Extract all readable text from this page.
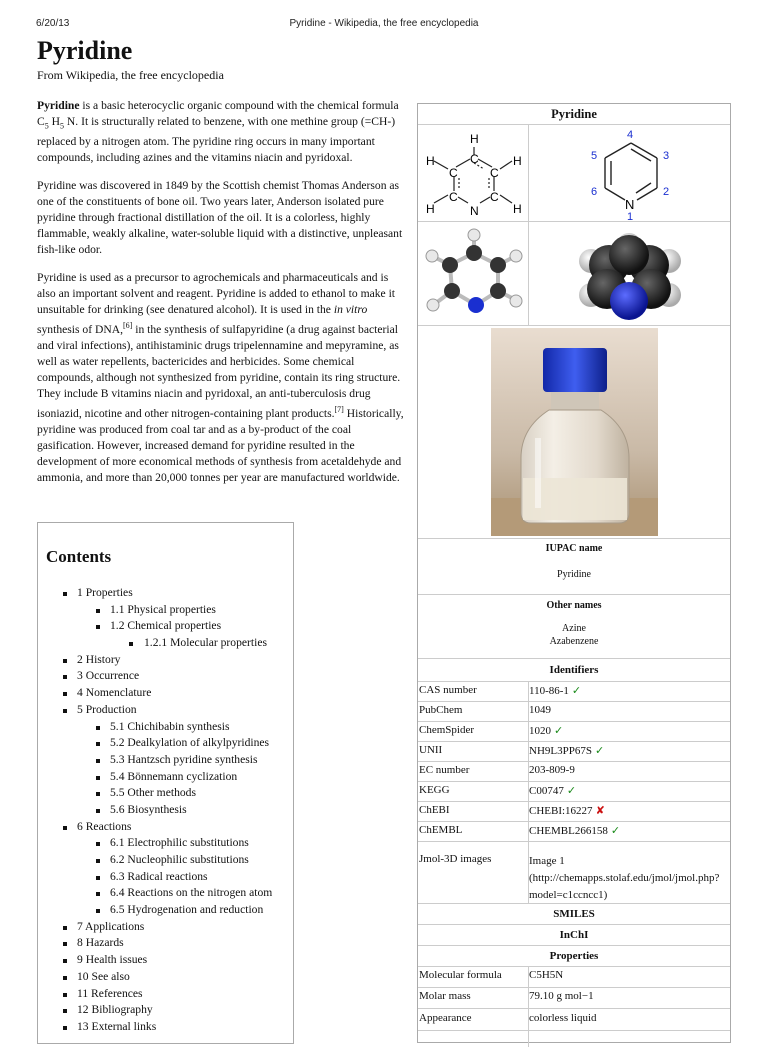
6/20/13	Pyridine - Wikipedia, the free encyclopedia
Pyridine
From Wikipedia, the free encyclopedia

Pyridine is a basic heterocyclic organic compound with the chemical formula $C_5$ $H_5$ N. It is structurally related to benzene, with one methine group (=CH-) replaced by a nitrogen atom. The pyridine ring occurs in many important compounds, including azines and the vitamins niacin and pyridoxal.

Pyridine was discovered in 1849 by the Scottish chemist Thomas Anderson as one of the constituents of bone oil. Two years later, Anderson isolated pure pyridine through fractional distillation of the oil. It is a colorless, highly flammable, weakly alkaline, water-soluble liquid with a distinctive, unpleasant fish-like odor.

Pyridine is used as a precursor to agrochemicals and pharmaceuticals and is also an important solvent and reagent. Pyridine is added to ethanol to make it unsuitable for drinking (see denatured alcohol). It is used in the in vitro synthesis of DNA,[6] in the synthesis of sulfapyridine (a drug against bacterial and viral infections), antihistaminic drugs tripelennamine and mepyramine, as well as water repellents, bactericides and herbicides. Some chemical compounds, although not synthesized from pyridine, contain its ring structure. They include B vitamins niacin and pyridoxal, an anti-tuberculosis drug isoniazid, nicotine and other nitrogen-containing plant products.[7] Historically, pyridine was produced from coal tar and as a by-product of the coal gasification. However, increased demand for pyridine resulted in the development of more economical methods of synthesis from acetaldehyde and ammonia, and more than 20,000 tonnes per year are manufactured worldwide.

Contents
1 Properties
1.1 Physical properties
1.2 Chemical properties
1.2.1 Molecular properties
2 History
3 Occurrence
4 Nomenclature
5 Production
5.1 Chichibabin synthesis
5.2 Dealkylation of alkylpyridines
5.3 Hantzsch pyridine synthesis
5.4 Bönnemann cyclization
5.5 Other methods
5.6 Biosynthesis
6 Reactions
6.1 Electrophilic substitutions
6.2 Nucleophilic substitutions
6.3 Radical reactions
6.4 Reactions on the nitrogen atom
6.5 Hydrogenation and reduction
7 Applications
8 Hazards
9 Health issues
10 See also
11 References
12 Bibliography
13 External links
Pyridine
H
C
C	C
C	C
N
H	H
H	H	N
4
5	3
6	2
1
IUPAC name
Pyridine
Other names
Azine
Azabenzene
Identifiers
CAS number	110-86-1 ✓
PubChem	1049
ChemSpider	1020 ✓
UNII	NH9L3PP67S ✓
EC number	203-809-9
KEGG	C00747 ✓
ChEBI	CHEBI:16227 ✘
ChEMBL	CHEMBL266158 ✓
Jmol-3D images	Image 1
(http://chemapps.stolaf.edu/jmol/jmol.php?
model=c1ccncc1)
SMILES
InChI
Properties
Molecular formula C5H5N
Molar mass	79.10 g mol−1
Appearance	colorless liquid
